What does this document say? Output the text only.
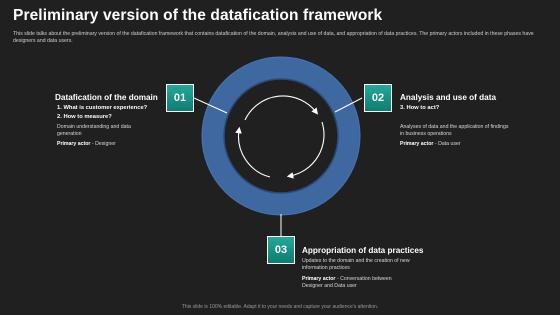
Preliminary version of the datafication framework
This slide talks about the preliminary version of the datafication framework that contains datafication of the domain, analysis and use of data, and appropriation of data practices. The primary actors included in these phases have designers and data users.
01
Datafication of the domain
1. What is customer experience?
2. How to measure?
Domain understanding and data generation
Primary actor - Designer
02	Analysis and use of data
3. How to act?
Analyses of data and the application of findings in business operations
Primary actor - Data user
03	Appropriation of data practices
Updates to the domain and the creation of new information practices
Primary actor - Conversation between Designer and Data user
This slide is 100% editable. Adapt it to your needs and capture your audience's attention.
